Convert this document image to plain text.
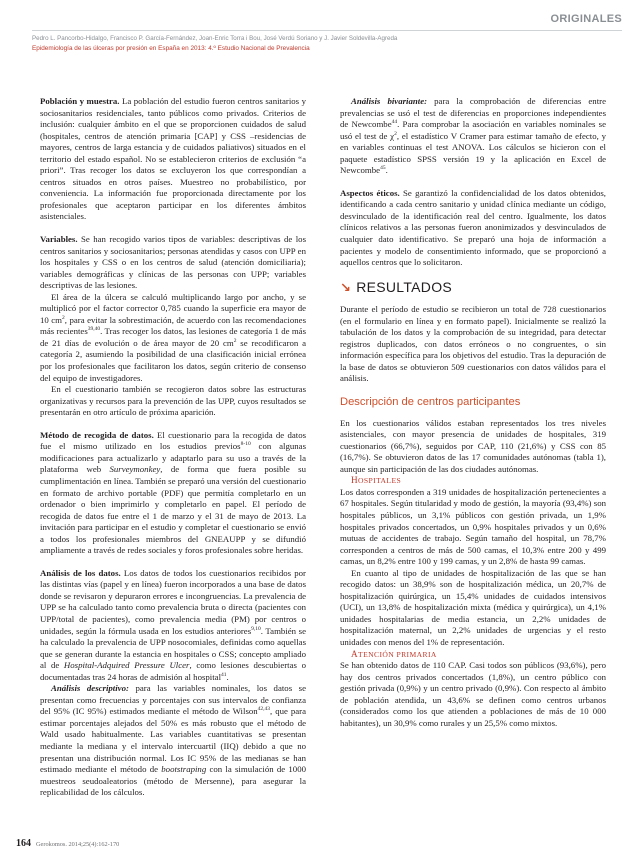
ORIGINALES
Pedro L. Pancorbo-Hidalgo, Francisco P. García-Fernández, Joan-Enric Torra i Bou, José Verdú Soriano y J. Javier Soldevilla-Agreda
Epidemiología de las úlceras por presión en España en 2013: 4.º Estudio Nacional de Prevalencia

Población y muestra. La población del estudio fueron centros sanitarios y sociosanitarios residenciales, tanto públicos como privados. Criterios de inclusión: cualquier ámbito en el que se proporcionen cuidados de salud (hospitales, centros de atención primaria [CAP] y CSS –residencias de mayores, centros de larga estancia y de cuidados paliativos) situados en el territorio del estado español. No se establecieron criterios de exclusión “a priori”. Tras recoger los datos se excluyeron los que correspondían a centros situados en otros países. Muestreo no probabilístico, por conveniencia. La información fue proporcionada directamente por los profesionales que aceptaron participar en los diferentes ámbitos asistenciales.

Variables. Se han recogido varios tipos de variables: descriptivas de los centros sanitarios y sociosanitarios; personas atendidas y casos con UPP en los hospitales y CSS o en los centros de salud (atención domiciliaria); variables demográficas y clínicas de las personas con UPP; variables descriptivas de las lesiones.

El área de la úlcera se calculó multiplicando largo por ancho, y se multiplicó por el factor corrector 0,785 cuando la superficie era mayor de 10 $cm^2$, para evitar la sobrestimación, de acuerdo con las recomendaciones más recientes$^{39,40}$. Tras recoger los datos, las lesiones de categoría 1 de más de 21 días de evolución o de área mayor de 20 $cm^2$ se recodificaron a categoría 2, asumiendo la posibilidad de una clasificación inicial errónea por los profesionales que facilitaron los datos, según criterio de consenso del equipo de investigadores.

En el cuestionario también se recogieron datos sobre las estructuras organizativas y recursos para la prevención de las UPP, cuyos resultados se presentarán en otro artículo de próxima aparición.

Método de recogida de datos. El cuestionario para la recogida de datos fue el mismo utilizado en los estudios previos$^{8-10}$ con algunas modificaciones para actualizarlo y adaptarlo para su uso a través de la plataforma web Surveymonkey, de forma que fuera posible su cumplimentación en línea. También se preparó una versión del cuestionario en formato de archivo portable (PDF) que permitía completarlo en un ordenador o bien imprimirlo y completarlo en papel. El período de recogida de datos fue entre el 1 de marzo y el 31 de mayo de 2013. La invitación para participar en el estudio y completar el cuestionario se envió a todos los profesionales miembros del GNEAUPP y se difundió ampliamente a través de redes sociales y foros profesionales sobre heridas.

Análisis de los datos. Los datos de todos los cuestionarios recibidos por las distintas vías (papel y en línea) fueron incorporados a una base de datos donde se revisaron y depuraron errores e incongruencias. La prevalencia de UPP se ha calculado tanto como prevalencia bruta o directa (pacientes con UPP/total de pacientes), como prevalencia media (PM) por centros o unidades, según la fórmula usada en los estudios anteriores$^{9,10}$. También se ha calculado la prevalencia de UPP nosocomiales, definidas como aquellas que se generan durante la estancia en hospitales o CSS; concepto ampliado al de Hospital-Adquired Pressure Ulcer, como lesiones descubiertas o documentadas tras 24 horas de admisión al hospital$^{41}$.

Análisis descriptivo: para las variables nominales, los datos se presentan como frecuencias y porcentajes con sus intervalos de confianza del 95% (IC 95%) estimados mediante el método de Wilson$^{42,43}$, que para estimar porcentajes alejados del 50% es más robusto que el método de Wald usado habitualmente. Las variables cuantitativas se presentan mediante la mediana y el intervalo intercuartil (IIQ) debido a que no presentan una distribución normal. Los IC 95% de las medianas se han estimado mediante el método de bootstraping con la simulación de 1000 muestreos seudoaleatorios (método de Mersenne), para asegurar la replicabilidad de los cálculos.

Análisis bivariante: para la comprobación de diferencias entre prevalencias se usó el test de diferencias en proporciones independientes de Newcombe$^{44}$. Para comprobar la asociación en variables nominales se usó el test de $\chi^2$, el estadístico V Cramer para estimar tamaño de efecto, y en variables continuas el test ANOVA. Los cálculos se hicieron con el paquete estadístico SPSS versión 19 y la aplicación en Excel de Newcombe$^{45}$.

Aspectos éticos. Se garantizó la confidencialidad de los datos obtenidos, identificando a cada centro sanitario y unidad clínica mediante un código, desvinculado de la identificación real del centro. Igualmente, los datos clínicos relativos a las personas fueron anonimizados y desvinculados de cualquier dato identificativo. Se preparó una hoja de información a pacientes y modelo de consentimiento informado, que se proporcionó a aquellos centros que lo solicitaron.

↘ RESULTADOS

Durante el período de estudio se recibieron un total de 728 cuestionarios (en el formulario en línea y en formato papel). Inicialmente se realizó la tabulación de los datos y la comprobación de su integridad, para detectar registros duplicados, con datos erróneos o no congruentes, o sin información específica para los objetivos del estudio. Tras la depuración de la base de datos se obtuvieron 509 cuestionarios con datos válidos para el análisis.

Descripción de centros participantes

En los cuestionarios válidos estaban representados los tres niveles asistenciales, con mayor presencia de unidades de hospitales, 319 cuestionarios (66,7%), seguidos por CAP, 110 (21,6%) y CSS con 85 (16,7%). Se obtuvieron datos de las 17 comunidades autónomas (tabla 1), aunque sin participación de las dos ciudades autónomas.

HOSPITALES

Los datos corresponden a 319 unidades de hospitalización pertenecientes a 67 hospitales. Según titularidad y modo de gestión, la mayoría (93,4%) son hospitales públicos, un 3,1% públicos con gestión privada, un 1,9% hospitales privados concertados, un 0,9% hospitales privados y un 0,6% mutuas de accidentes de trabajo. Según tamaño del hospital, un 78,7% corresponden a centros de más de 500 camas, el 10,3% entre 200 y 499 camas, un 8,2% entre 100 y 199 camas, y un 2,8% de hasta 99 camas.

En cuanto al tipo de unidades de hospitalización de las que se han recogido datos: un 38,9% son de hospitalización médica, un 20,7% de hospitalización quirúrgica, un 15,4% unidades de cuidados intensivos (UCI), un 13,8% de hospitalización mixta (médica y quirúrgica), un 4,1% unidades hospitalarias de media estancia, un 2,2% unidades de hospitalización maternal, un 2,2% unidades de urgencias y el resto unidades con menos del 1% de representación.

ATENCIÓN PRIMARIA

Se han obtenido datos de 110 CAP. Casi todos son públicos (93,6%), pero hay dos centros privados concertados (1,8%), un centro público con gestión privada (0,9%) y un centro privado (0,9%). Con respecto al ámbito de población atendida, un 43,6% se definen como centros urbanos (considerados como los que atienden a poblaciones de más de 10 000 habitantes), un 30,9% como rurales y un 25,5% como mixtos.

164 Gerokomos. 2014;25(4):162-170
